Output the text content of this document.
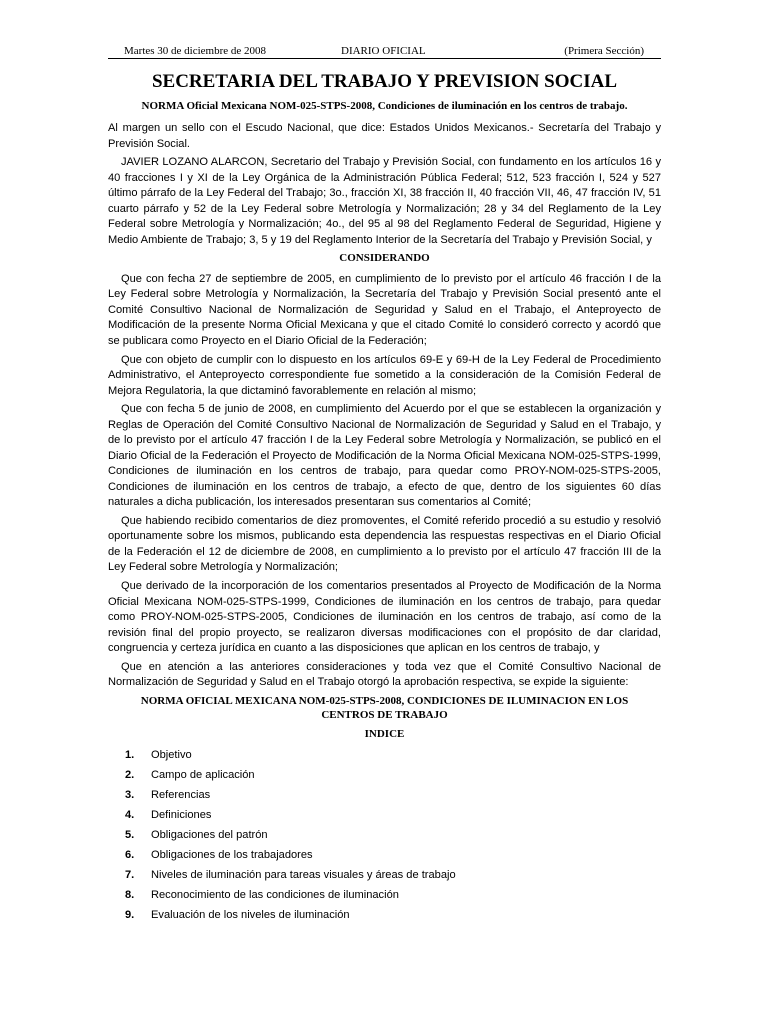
Martes 30 de diciembre de 2008	DIARIO OFICIAL	(Primera Sección)
SECRETARIA DEL TRABAJO Y PREVISION SOCIAL
NORMA Oficial Mexicana NOM-025-STPS-2008, Condiciones de iluminación en los centros de trabajo.

Al margen un sello con el Escudo Nacional, que dice: Estados Unidos Mexicanos.- Secretaría del Trabajo y Previsión Social.

JAVIER LOZANO ALARCON, Secretario del Trabajo y Previsión Social, con fundamento en los artículos 16 y 40 fracciones I y XI de la Ley Orgánica de la Administración Pública Federal; 512, 523 fracción I, 524 y 527 último párrafo de la Ley Federal del Trabajo; 3o., fracción XI, 38 fracción II, 40 fracción VII, 46, 47 fracción IV, 51 cuarto párrafo y 52 de la Ley Federal sobre Metrología y Normalización; 28 y 34 del Reglamento de la Ley Federal sobre Metrología y Normalización; 4o., del 95 al 98 del Reglamento Federal de Seguridad, Higiene y Medio Ambiente de Trabajo; 3, 5 y 19 del Reglamento Interior de la Secretaría del Trabajo y Previsión Social, y

CONSIDERANDO

Que con fecha 27 de septiembre de 2005, en cumplimiento de lo previsto por el artículo 46 fracción I de la Ley Federal sobre Metrología y Normalización, la Secretaría del Trabajo y Previsión Social presentó ante el Comité Consultivo Nacional de Normalización de Seguridad y Salud en el Trabajo, el Anteproyecto de Modificación de la presente Norma Oficial Mexicana y que el citado Comité lo consideró correcto y acordó que se publicara como Proyecto en el Diario Oficial de la Federación;

Que con objeto de cumplir con lo dispuesto en los artículos 69-E y 69-H de la Ley Federal de Procedimiento Administrativo, el Anteproyecto correspondiente fue sometido a la consideración de la Comisión Federal de Mejora Regulatoria, la que dictaminó favorablemente en relación al mismo;

Que con fecha 5 de junio de 2008, en cumplimiento del Acuerdo por el que se establecen la organización y Reglas de Operación del Comité Consultivo Nacional de Normalización de Seguridad y Salud en el Trabajo, y de lo previsto por el artículo 47 fracción I de la Ley Federal sobre Metrología y Normalización, se publicó en el Diario Oficial de la Federación el Proyecto de Modificación de la Norma Oficial Mexicana NOM-025-STPS-1999, Condiciones de iluminación en los centros de trabajo, para quedar como PROY-NOM-025-STPS-2005, Condiciones de iluminación en los centros de trabajo, a efecto de que, dentro de los siguientes 60 días naturales a dicha publicación, los interesados presentaran sus comentarios al Comité;

Que habiendo recibido comentarios de diez promoventes, el Comité referido procedió a su estudio y resolvió oportunamente sobre los mismos, publicando esta dependencia las respuestas respectivas en el Diario Oficial de la Federación el 12 de diciembre de 2008, en cumplimiento a lo previsto por el artículo 47 fracción III de la Ley Federal sobre Metrología y Normalización;

Que derivado de la incorporación de los comentarios presentados al Proyecto de Modificación de la Norma Oficial Mexicana NOM-025-STPS-1999, Condiciones de iluminación en los centros de trabajo, para quedar como PROY-NOM-025-STPS-2005, Condiciones de iluminación en los centros de trabajo, así como de la revisión final del propio proyecto, se realizaron diversas modificaciones con el propósito de dar claridad, congruencia y certeza jurídica en cuanto a las disposiciones que aplican en los centros de trabajo, y

Que en atención a las anteriores consideraciones y toda vez que el Comité Consultivo Nacional de Normalización de Seguridad y Salud en el Trabajo otorgó la aprobación respectiva, se expide la siguiente:

NORMA OFICIAL MEXICANA NOM-025-STPS-2008, CONDICIONES DE ILUMINACION EN LOS CENTROS DE TRABAJO
INDICE
1. Objetivo
2. Campo de aplicación
3. Referencias
4. Definiciones
5. Obligaciones del patrón
6. Obligaciones de los trabajadores
7. Niveles de iluminación para tareas visuales y áreas de trabajo
8. Reconocimiento de las condiciones de iluminación
9. Evaluación de los niveles de iluminación
